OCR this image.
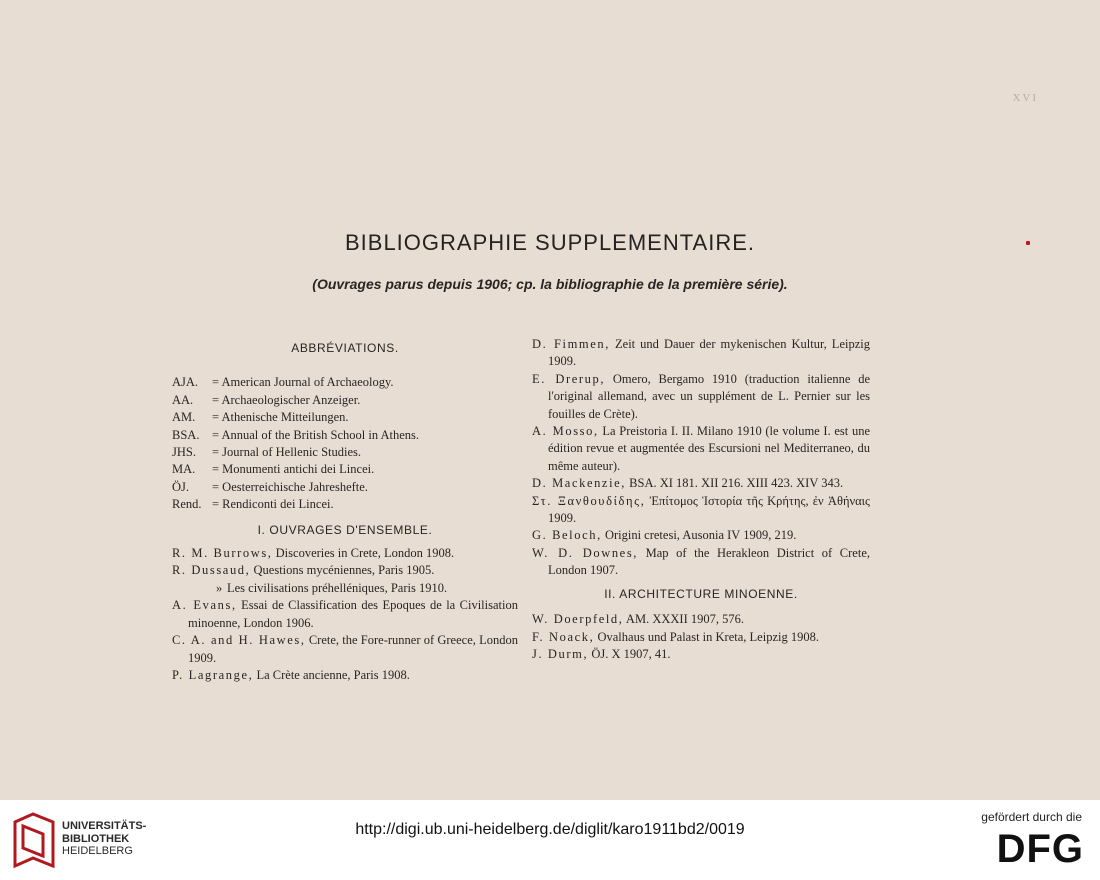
XVI
BIBLIOGRAPHIE SUPPLEMENTAIRE.
(Ouvrages parus depuis 1906; cp. la bibliographie de la première série).
ABBRÉVIATIONS.
AJA.	= American Journal of Archaeology.
AA.	= Archaeologischer Anzeiger.
AM.	= Athenische Mitteilungen.
BSA.	= Annual of the British School in Athens.
JHS.	= Journal of Hellenic Studies.
MA.	= Monumenti antichi dei Lincei.
ÖJ.	= Oesterreichische Jahreshefte.
Rend. = Rendiconti dei Lincei.
I. OUVRAGES D'ENSEMBLE.
R. M. Burrows, Discoveries in Crete, London 1908.
R. Dussaud, Questions mycéniennes, Paris 1905.
» Les civilisations préhelléniques, Paris 1910.
A. Evans, Essai de Classification des Epoques de la Civilisation minoenne, London 1906.
C. A. and H. Hawes, Crete, the Fore-runner of Greece, London 1909.
P. Lagrange, La Crète ancienne, Paris 1908.
D. Fimmen, Zeit und Dauer der mykenischen Kultur, Leipzig 1909.
E. Drerup, Omero, Bergamo 1910 (traduction italienne de l'original allemand, avec un supplément de L. Pernier sur les fouilles de Crète).
A. Mosso, La Preistoria I. II. Milano 1910 (le volume I. est une édition revue et augmentée des Escursioni nel Mediterraneo, du même auteur).
D. Mackenzie, BSA. XI 181. XII 216. XIII 423. XIV 343.
Στ. Ξανθουδίδης, Ἐπίτομος Ἱστορία τῆς Κρήτης, ἐν Ἀθήναις 1909.
G. Beloch, Origini cretesi, Ausonia IV 1909, 219.
W. D. Downes, Map of the Herakleon District of Crete, London 1907.
II. ARCHITECTURE MINOENNE.
W. Doerpfeld, AM. XXXII 1907, 576.
F. Noack, Ovalhaus und Palast in Kreta, Leipzig 1908.
J. Durm, ÖJ. X 1907, 41.
UNIVERSITÄTS-
BIBLIOTHEK
HEIDELBERG
http://digi.ub.uni-heidelberg.de/diglit/karo1911bd2/0019
gefördert durch die
DFG
